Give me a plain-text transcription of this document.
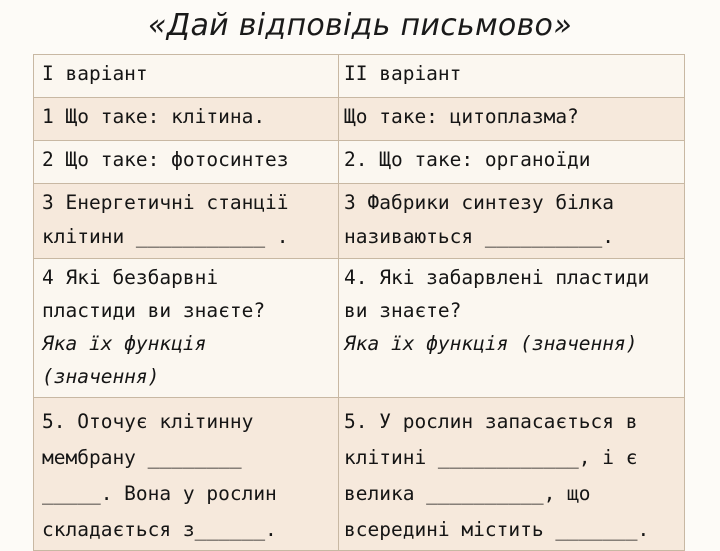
«Дай відповідь письмово»
І варіант	ІІ варіант

1 Що таке: клітина.	Що таке: цитоплазма?

2 Що таке: фотосинтез	2. Що таке: органоїди

3 Енергетичні станції
клітини ___________ .	3 Фабрики синтезу білка
називаються __________.

4 Які безбарвні
пластиди ви знаєте?
Яка їх функція
(значення)	4. Які забарвлені пластиди
ви знаєте?
Яка їх функція (значення)

5. Оточує клітинну
мембрану ________
_____. Вона у рослин
складається з______.	5. У рослин запасається в
клітині ____________, і є
велика __________, що
всередині містить _______.
